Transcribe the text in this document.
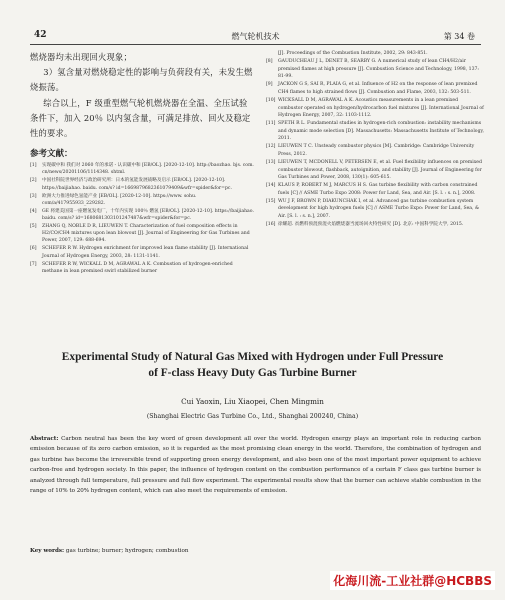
42	燃气轮机技术	第 34 卷

燃烧器均未出现回火现象；

3）氢含量对燃烧稳定性的影响与负荷段有关，未发生燃烧振荡。

综合以上，F 级重型燃气轮机燃烧器在全温、全压试验条件下，加入 20％ 以内氢含量，可满足排放、回火及稳定性的要求。

参考文献：
[1]	实现碳中和 我们对 2060 年的承诺 - 认识碳中和 [EB/OL]. [2020-12-10]. http://baozhao. bjs. com. cn/news/20201106/1114348. shtml.
[2]	中国社科院世界经济与政治研究所：日本的氢能发展战略及启示 [EB/OL]. [2020-12-10]. https://baijiahao. baidu. com/s? id=1669879682361079409&wfr=spider&for=pc.
[3]	欧洲大力推进绿色氢能产业 [EB/OL]. [2020-12-10]. https://www. sohu. com/a/417955933_229282.
[4]	GE 将建美国第一座燃氢发电厂，十年内实现 100％ 燃氢 [EB/OL]. [2020-12-10]. https://baijiahao. baidu. com/s? id=1680681303101247487&wfr=spider&for=pc.
[5]	ZHANG Q, NOBLE D R, LIEUWEN T. Characterization of fuel composition effects in H2/CO/CH4 mixtures upon lean blowout [J]. Journal of Engineering for Gas Turbines and Power, 2007, 129: 688-694.
[6]	SCHEFER R W. Hydrogen enrichment for improved lean flame stability [J]. International Journal of Hydrogen Energy, 2003, 28: 1131-1141.
[7]	SCHEFER R W, WICKALL D M, AGRAWAL A K. Combustion of hydrogen-enriched methane in lean premixed swirl stabilized burner
[J]. Proceedings of the Combustion Institute, 2002, 29: 843-851.
[8]	GAUDUCHEAU J L, DENET B, SEARBY G. A numerical study of lean CH4/H2/air premixed flames at high pressure [J]. Combustion Science and Technology, 1998, 137: 81-99.
[9]	JACKON G S, SAI R, PLAIA G, et al. Influence of H2 on the response of lean premixed CH4 flames to high strained flows [J]. Combustion and Flame, 2003, 132: 503-511.
[10] WICKSALL D M, AGRAWAL A K. Acoustics measurements in a lean premixed combustor operated on hydrogen/hydrocarbon fuel mixtures [J]. International Journal of Hydrogen Energy, 2007, 32: 1103-1112.
[11] SPETH R L. Fundamental studies in hydrogen-rich combustion: instability mechanisms and dynamic mode selection [D]. Massachusetts: Massachusetts Institute of Technology, 2011.
[12] LIEUWEN T C. Unsteady combustor physics [M]. Cambridge: Cambridge University Press, 2012.
[13] LIEUWEN T, MCDONELL V, PETERSEN E, et al. Fuel flexibility influences on premixed combustor blowout, flashback, autoignition, and stability [J]. Journal of Engineering for Gas Turbines and Power, 2008, 130(1): 605-615.
[14] KLAUS P, ROBERT M J, MARCUS H S. Gas turbine flexibility with carbon constrained fuels [C] // ASME Turbo Expo 2008: Power for Land, Sea, and Air. [S. l. : s. n.], 2008.
[15] WU J F, BROWN P, DIAKUNCHAK I, et al. Advanced gas turbine combustion system development for high hydrogen fuels [C] // ASME Turbo Expo: Power for Land, Sea, & Air. [S. l. : s. n.], 2007.
[16] 徐耀超. 贫燃料预混预混火焰燃烧器当流场回火特性研究 [D]. 北京: 中国科学院大学, 2015.
Experimental Study of Natural Gas Mixed with Hydrogen under Full Pressure
of F-class Heavy Duty Gas Turbine Burner

Cui Yaoxin, Liu Xiaopei, Chen Mingmin

(Shanghai Electric Gas Turbine Co., Ltd., Shanghai 200240, China)

Abstract: Carbon neutral has been the key word of green development all over the world. Hydrogen energy plays an important role in reducing carbon emission because of its zero carbon emission, so it is regarded as the most promising clean energy in the world. Therefore, the combination of hydrogen and gas turbine has become the irreversible trend of supporting green energy development, and also been one of the most important power equipment to achieve carbon-free and hydrogen society. In this paper, the influence of hydrogen content on the combustion performance of a certain F class gas turbine burner is analyzed through full temperature, full pressure and full flow experiment. The experimental results show that the burner can achieve stable combustion in the range of 10% to 20% hydrogen content, which can also meet the requirements of emission.

Key words: gas turbine; burner; hydrogen; combustion

化海川流-工业社群@HCBBS
